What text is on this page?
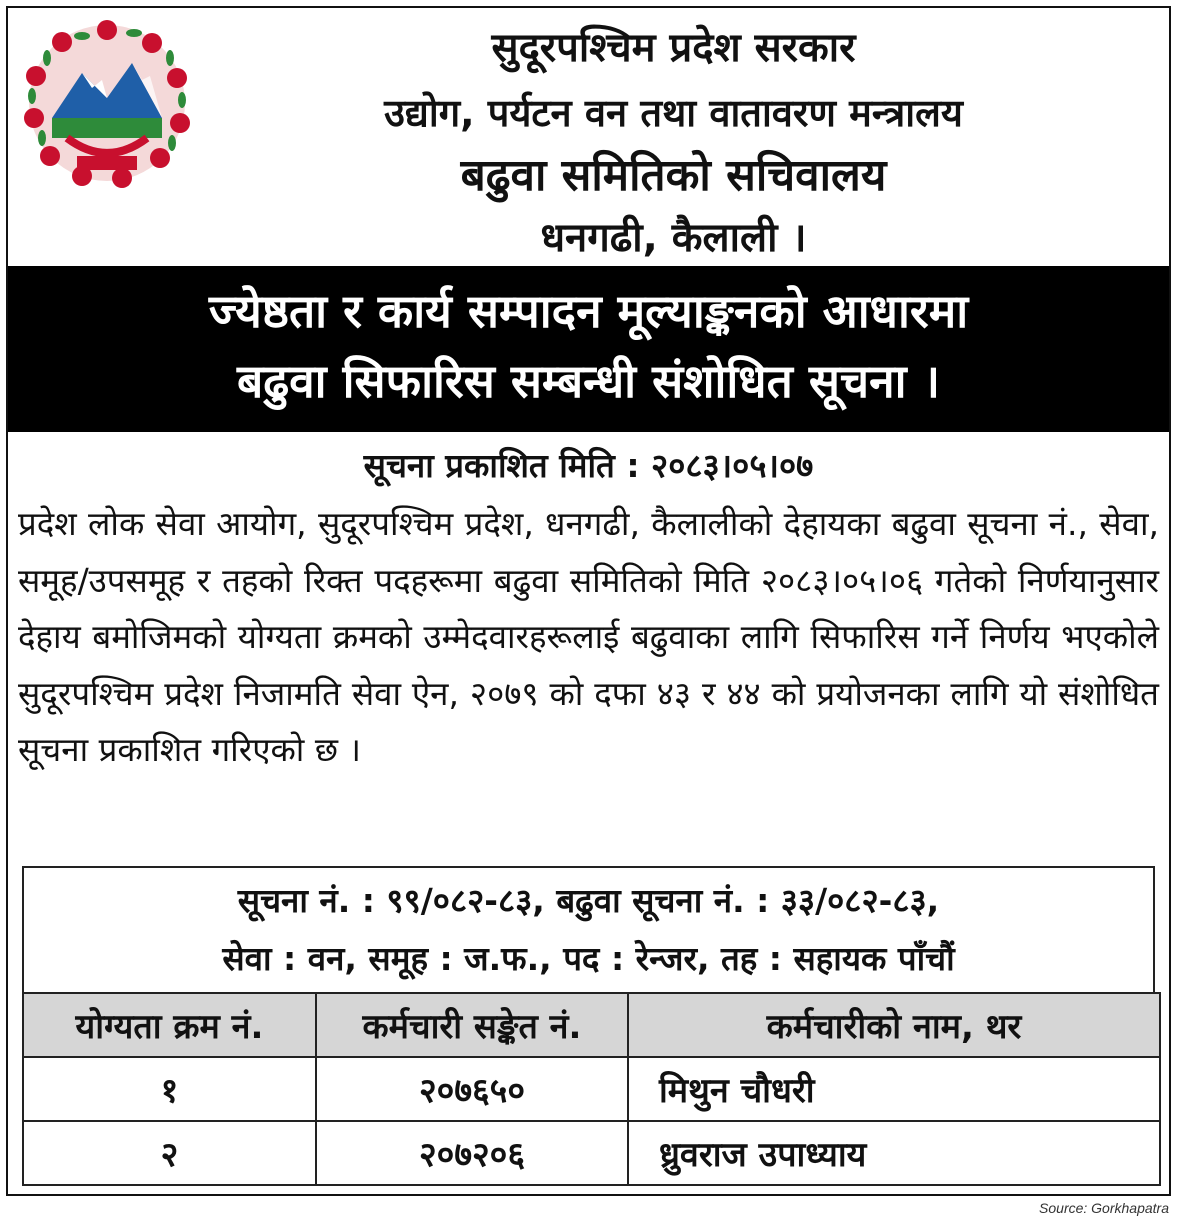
सुदूरपश्चिम प्रदेश सरकार
उद्योग, पर्यटन वन तथा वातावरण मन्त्रालय
बढुवा समितिको सचिवालय
धनगढी, कैलाली ।
ज्येष्ठता र कार्य सम्पादन मूल्याङ्कनको आधारमा
बढुवा सिफारिस सम्बन्धी संशोधित सूचना ।
सूचना प्रकाशित मिति : २०८३।०५।०७
प्रदेश लोक सेवा आयोग, सुदूरपश्चिम प्रदेश, धनगढी, कैलालीको देहायका बढुवा सूचना नं., सेवा, समूह/उपसमूह र तहको रिक्त पदहरूमा बढुवा समितिको मिति २०८३।०५।०६ गतेको निर्णयानुसार देहाय बमोजिमको योग्यता क्रमको उम्मेदवारहरूलाई बढुवाका लागि सिफारिस गर्ने निर्णय भएकोले सुदूरपश्चिम प्रदेश निजामति सेवा ऐन, २०७९ को दफा ४३ र ४४ को प्रयोजनका लागि यो संशोधित सूचना प्रकाशित गरिएको छ ।
सूचना नं. : ९९/०८२-८३, बढुवा सूचना नं. : ३३/०८२-८३,
सेवा : वन, समूह : ज.फ., पद : रेन्जर, तह : सहायक पाँचौं
योग्यता क्रम नं.	कर्मचारी सङ्केत नं.	कर्मचारीको नाम, थर
१	२०७६५०	मिथुन चौधरी
२	२०७२०६	ध्रुवराज उपाध्याय
Source: Gorkhapatra
